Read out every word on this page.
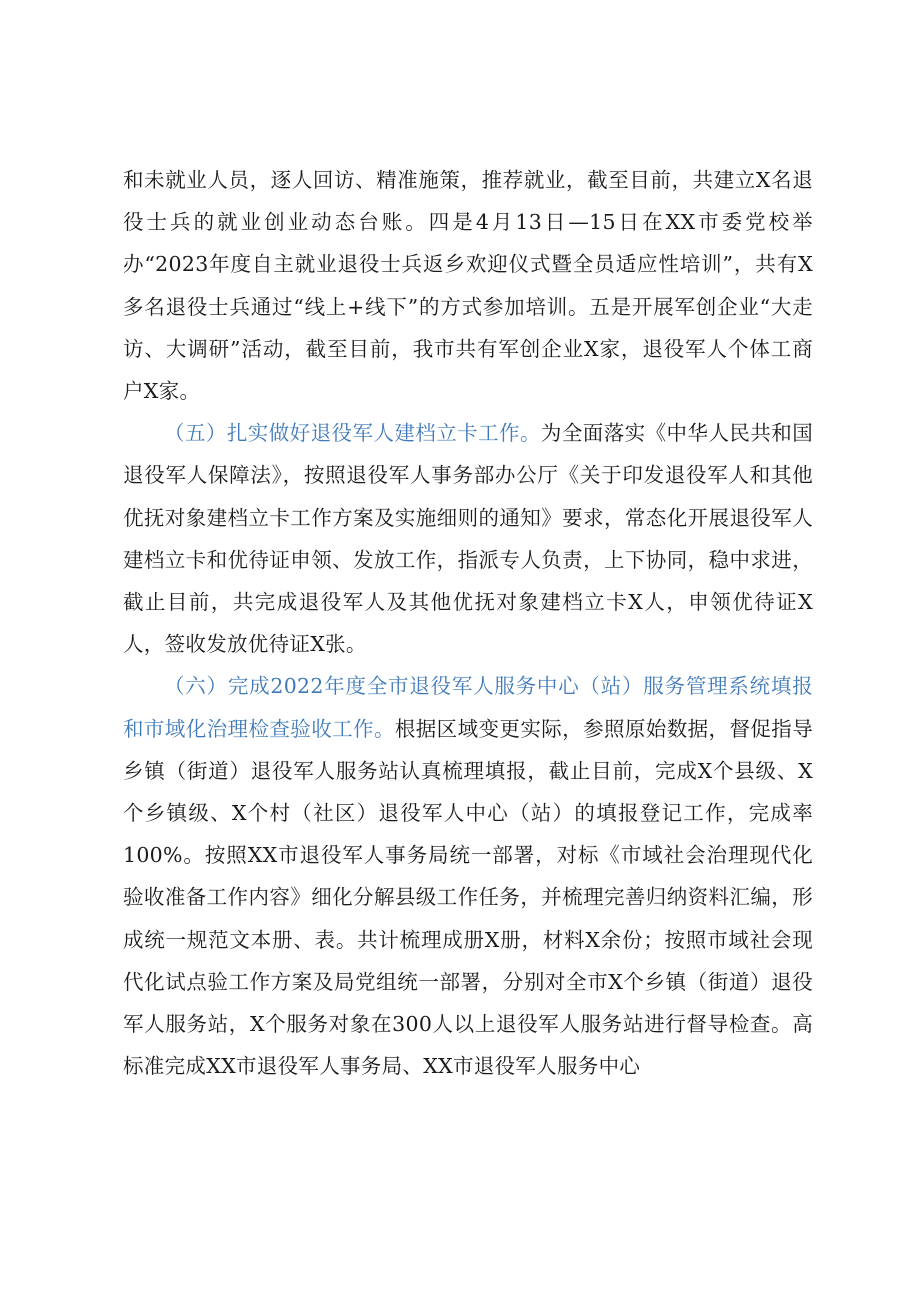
和未就业人员，逐人回访、精准施策，推荐就业，截至目前，共建立X名退役士兵的就业创业动态台账。四是4月13日—15日在XX市委党校举办“2023年度自主就业退役士兵返乡欢迎仪式暨全员适应性培训”，共有X多名退役士兵通过“线上+线下”的方式参加培训。五是开展军创企业“大走访、大调研”活动，截至目前，我市共有军创企业X家，退役军人个体工商户X家。

（五）扎实做好退役军人建档立卡工作。为全面落实《中华人民共和国退役军人保障法》，按照退役军人事务部办公厅《关于印发退役军人和其他优抚对象建档立卡工作方案及实施细则的通知》要求，常态化开展退役军人建档立卡和优待证申领、发放工作，指派专人负责，上下协同，稳中求进，截止目前，共完成退役军人及其他优抚对象建档立卡X人，申领优待证X人，签收发放优待证X张。

（六）完成2022年度全市退役军人服务中心（站）服务管理系统填报和市域化治理检查验收工作。根据区域变更实际，参照原始数据，督促指导乡镇（街道）退役军人服务站认真梳理填报，截止目前，完成X个县级、X个乡镇级、X个村（社区）退役军人中心（站）的填报登记工作，完成率100%。按照XX市退役军人事务局统一部署，对标《市域社会治理现代化验收准备工作内容》细化分解县级工作任务，并梳理完善归纳资料汇编，形成统一规范文本册、表。共计梳理成册X册，材料X余份；按照市域社会现代化试点验工作方案及局党组统一部署，分别对全市X个乡镇（街道）退役军人服务站，X个服务对象在300人以上退役军人服务站进行督导检查。高标准完成XX市退役军人事务局、XX市退役军人服务中心
